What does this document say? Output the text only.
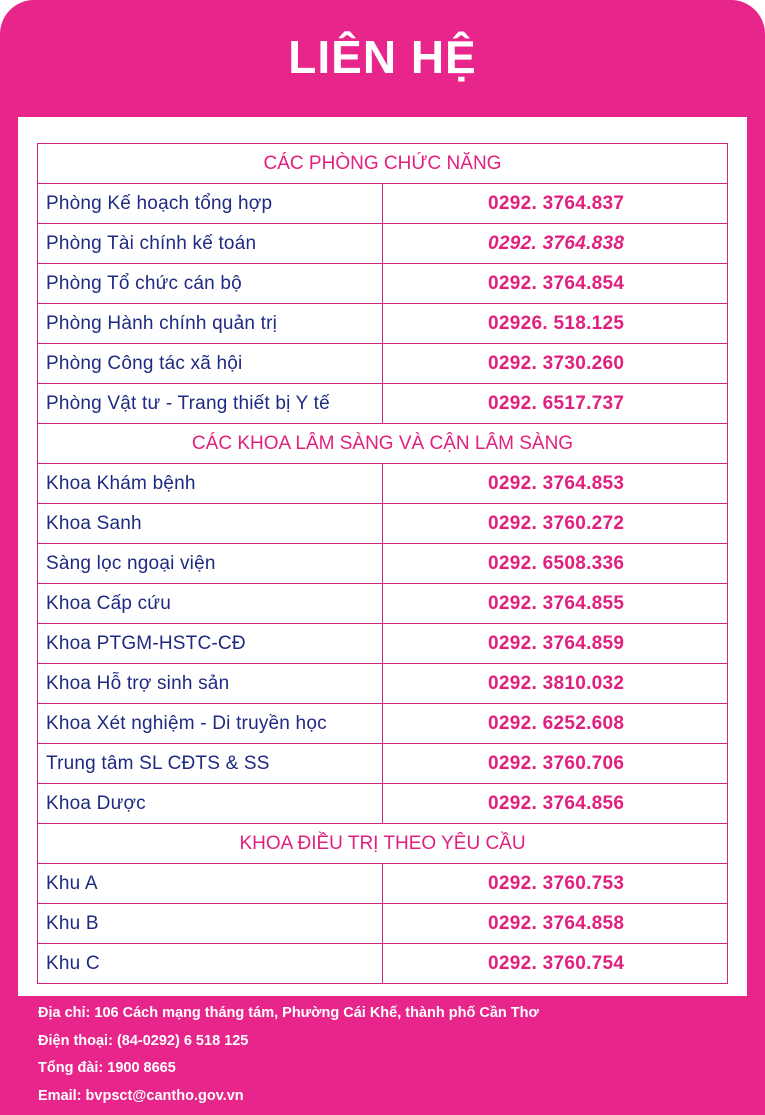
LIÊN HỆ
CÁC PHÒNG CHỨC NĂNG	
Phòng Kế hoạch tổng hợp	0292. 3764.837
Phòng Tài chính kế toán	0292. 3764.838
Phòng Tổ chức cán bộ	0292. 3764.854
Phòng Hành chính quản trị	02926. 518.125
Phòng Công tác xã hội	0292. 3730.260
Phòng Vật tư - Trang thiết bị Y tế	0292. 6517.737
CÁC KHOA LÂM SÀNG VÀ CẬN LÂM SÀNG	
Khoa Khám bệnh	0292. 3764.853
Khoa Sanh	0292. 3760.272
Sàng lọc ngoại viện	0292. 6508.336
Khoa Cấp cứu	0292. 3764.855
Khoa PTGM-HSTC-CĐ	0292. 3764.859
Khoa Hỗ trợ sinh sản	0292. 3810.032
Khoa Xét nghiệm - Di truyền học	0292. 6252.608
Trung tâm SL CĐTS & SS	0292. 3760.706
Khoa Dược	0292. 3764.856
KHOA ĐIỀU TRỊ THEO YÊU CẦU	
Khu A	0292. 3760.753
Khu B	0292. 3764.858
Khu C	0292. 3760.754
Địa chỉ: 106 Cách mạng tháng tám, Phường Cái Khế, thành phố Cần Thơ
Điện thoại: (84-0292) 6 518 125
Tổng đài: 1900 8665
Email: bvpsct@cantho.gov.vn
